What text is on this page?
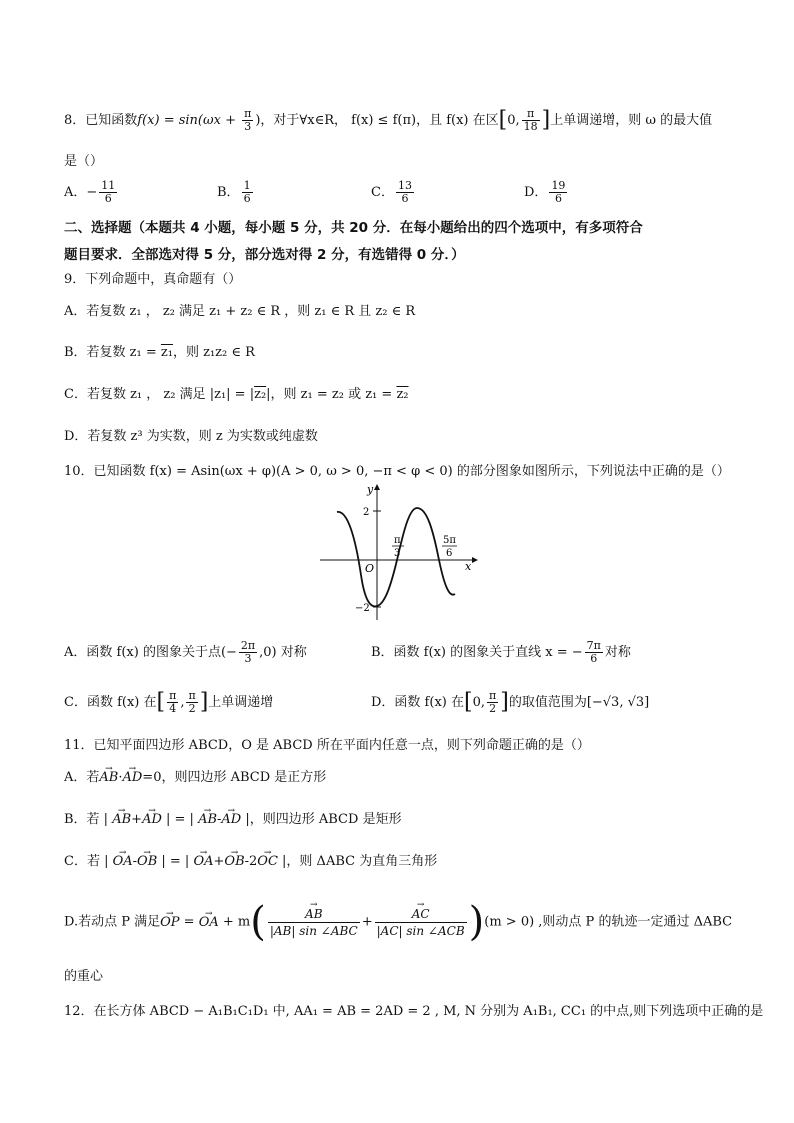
8．已知函数$f(x) = \sin(\omega x + \frac{\pi}{3}$ )，对于∀x∈R， f(x) ≤ f(π)，且 f(x) 在区[0, $\frac{\pi}{18}$ ]上单调递增，则 ω 的最大值
是（）
A．− $\frac{11}{6}$	B． $\frac{1}{6}$	C． $\frac{13}{6}$	D． $\frac{19}{6}$
二、选择题（本题共 4 小题，每小题 5 分，共 20 分．在每小题给出的四个选项中，有多项符合
题目要求．全部选对得 5 分，部分选对得 2 分，有选错得 0 分．）
9．下列命题中，真命题有（）
A．若复数 z₁ ， z₂ 满足 z₁ + z₂ ∈ R ，则 z₁ ∈ R 且 z₂ ∈ R
B．若复数 z₁ = z₁，则 z₁z₂ ∈ R
C．若复数 z₁ ， z₂ 满足 |z₁| = |z₂|，则 z₁ = z₂ 或 z₁ = z₂
D．若复数 z³ 为实数，则 z 为实数或纯虚数
10．已知函数 f(x) = Asin(ωx + φ)(A > 0, ω > 0, −π < φ < 0) 的部分图象如图所示，下列说法中正确的是（）
y
x
O
2
−2
π
3
5π
6
A．函数 f(x) 的图象关于点(− $\frac{2\pi}{3} ,0$) 对称	B．函数 f(x) 的图象关于直线 x = − $\frac{7\pi}{6}$ 对称
C．函数 f(x) 在[ $\frac{\pi}{4}$ , $\frac{\pi}{2}$ ]上单调递增	D．函数 f(x) 在[0, $\frac{\pi}{2}$ ]的取值范围为[−√3, √3]
11．已知平面四边形 ABCD，O 是 ABCD 所在平面内任意一点，则下列命题正确的是（）
A．若→ AB·→ AD=0，则四边形 ABCD 是正方形
B．若 | → AB+→ AD | = | → AB-→ AD |，则四边形 ABCD 是矩形
C．若 | → OA-→ OB | = | → OA+→ OB-2→ OC |，则 ΔABC 为直角三角形
D.若动点 P 满足→ OP = → OA + $m( \to \frac{AB}{\text{|AB| sin ∠ABC}}$ + → $\frac{AC}{\text{|AC| sin ∠ACB}} )(m > 0)$ ,则动点 P 的轨迹一定通过 ΔABC
的重心
12．在长方体 ABCD − A₁B₁C₁D₁ 中, AA₁ = AB = 2AD = 2 , M, N 分别为 A₁B₁, CC₁ 的中点,则下列选项中正确的是
